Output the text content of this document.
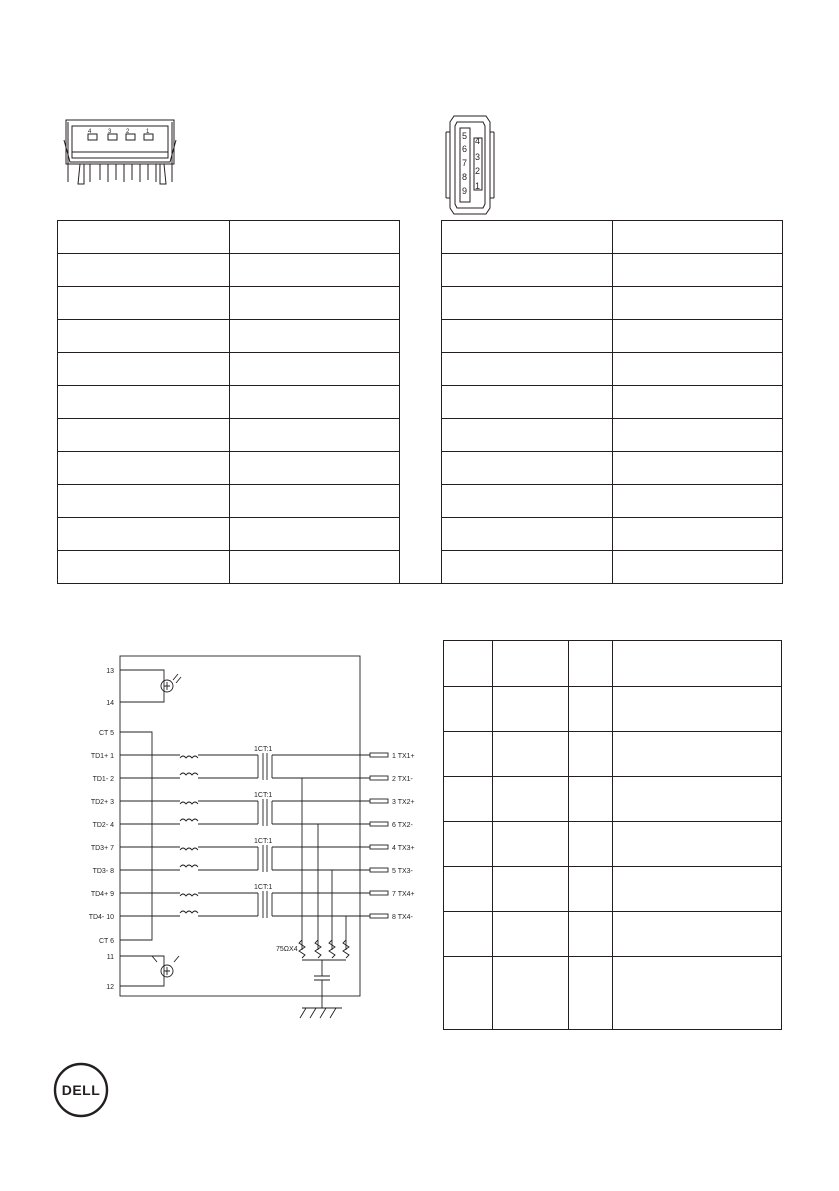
4	3 2	1	5 4
6
3
7
2
8
1
9

13
14
CT 5
TD1+ 1
TD1- 2
TD2+ 3
TD2- 4
TD3+ 7
TD3- 8
TD4+ 9
TD4- 10
CT 6
11
12
1 TX1+
2 TX1-
3 TX2+
6 TX2-
4 TX3+
5 TX3-
7 TX4+
8 TX4-
1CT:1
1CT:1
1CT:1
1CT:1
75ΩX4

DELL
